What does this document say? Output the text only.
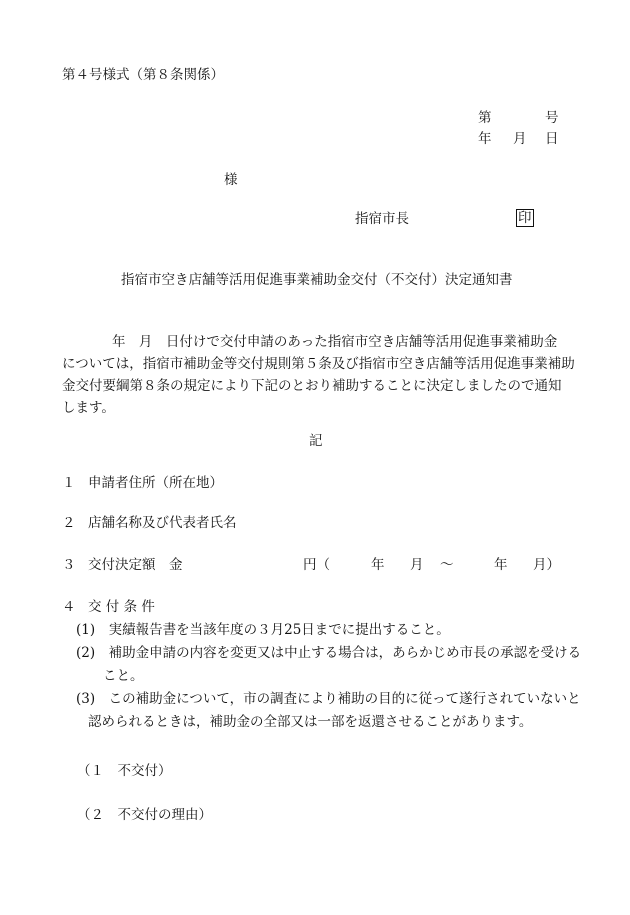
第４号様式（第８条関係）

第	号

年 月 日

様

指宿市長	印

指宿市空き店舗等活用促進事業補助金交付（不交付）決定通知書

年　月　日付けで交付申請のあった指宿市空き店舗等活用促進事業補助金
については，指宿市補助金等交付規則第５条及び指宿市空き店舗等活用促進事業補助
金交付要綱第８条の規定により下記のとおり補助することに決定しましたので通知
します。

記

１ 申請者住所（所在地）

２ 店舗名称及び代表者氏名

３ 交付決定額 金	円（	年 月 ～	年 月）

４ 交 付 条 件

(1)　実績報告書を当該年度の３月25日までに提出すること。

(2)　補助金申請の内容を変更又は中止する場合は，あらかじめ市長の承認を受ける

こと。

(3)　この補助金について，市の調査により補助の目的に従って遂行されていないと

認められるときは，補助金の全部又は一部を返還させることがあります。

（１　不交付）

（２　不交付の理由）
